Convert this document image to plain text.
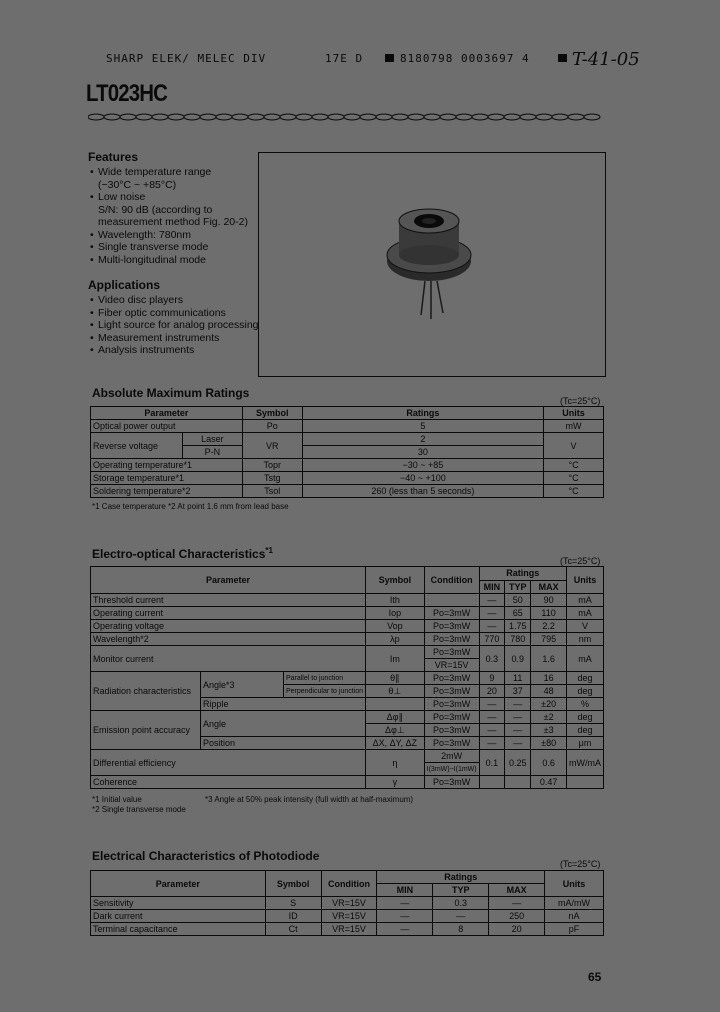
SHARP ELEK/ MELEC DIV	17E D	8180798 0003697 4 T-41-05
LT023HC
Features
• Wide temperature range
(−30°C ~ +85°C)
• Low noise
S/N: 90 dB (according to
measurement method Fig. 20-2)
• Wavelength: 780nm
• Single transverse mode
• Multi-longitudinal mode
Applications
• Video disc players
• Fiber optic communications
• Light source for analog processing
• Measurement instruments
• Analysis instruments
Absolute Maximum Ratings
(Tc=25°C)
Parameter		Symbol	Ratings	Units
Optical power output		Po	5	mW
Reverse voltage	Laser	VR	2	V
	P-N		30	
Operating temperature*1		Topr	−30 ~ +85	°C
Storage temperature*1		Tstg	−40 ~ +100	°C
Soldering temperature*2		Tsol	260 (less than 5 seconds)	°C
*1 Case temperature *2 At point 1.6 mm from lead base
Electro-optical Characteristics$^{*1}$
(Tc=25°C)
Parameter			Symbol	Condition	Ratings			Units
					MIN	TYP	MAX	
Threshold current			Ith		—	50	90	mA
Operating current			Iop	Po=3mW	—	65	110	mA
Operating voltage			Vop	Po=3mW	—	1.75	2.2	V
Wavelength*2			λp	Po=3mW	770	780	795	nm
Monitor current			Im	Po=3mW	0.3	0.9	1.6	mA
				VR=15V				
Radiation characteristics	Angle*3	Parallel to junction	θ∥	Po=3mW	9	11	16	deg
		Perpendicular to junction	θ⊥	Po=3mW	20	37	48	deg
	Ripple			Po=3mW	—	—	±20	%
Emission point accuracy	Angle		Δφ∥	Po=3mW	—	—	±2	deg
			Δφ⊥	Po=3mW	—	—	±3	deg
	Position		ΔX, ΔY, ΔZ	Po=3mW	—	—	±80	μm
Differential efficiency			η	2mW	0.1	0.25	0.6	mW/mA
				I(3mW)−I(1mW)				
Coherence			γ	Po=3mW			0.47	
*1 Initial value
*2 Single transverse mode
*3 Angle at 50% peak intensity (full width at half-maximum)
Electrical Characteristics of Photodiode
(Tc=25°C)
Parameter	Symbol	Condition	Ratings			Units
			MIN	TYP	MAX	
Sensitivity	S	VR=15V	—	0.3	—	mA/mW
Dark current	ID	VR=15V	—	—	250	nA
Terminal capacitance	Ct	VR=15V	—	8	20	pF
65
